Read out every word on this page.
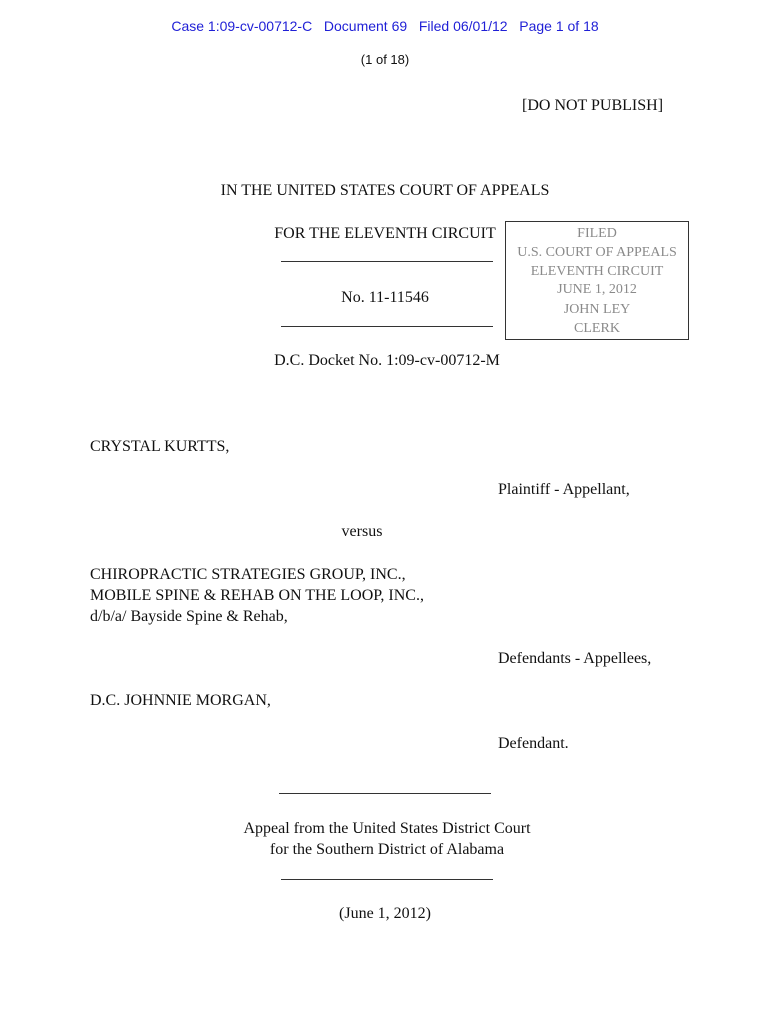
Case 1:09-cv-00712-C Document 69 Filed 06/01/12 Page 1 of 18
(1 of 18)
[DO NOT PUBLISH]
IN THE UNITED STATES COURT OF APPEALS
FOR THE ELEVENTH CIRCUIT
No. 11-11546
D.C. Docket No. 1:09-cv-00712-M
FILED
U.S. COURT OF APPEALS
ELEVENTH CIRCUIT
JUNE 1, 2012
JOHN LEY
CLERK
CRYSTAL KURTTS,
Plaintiff - Appellant,
versus
CHIROPRACTIC STRATEGIES GROUP, INC.,
MOBILE SPINE & REHAB ON THE LOOP, INC.,
d/b/a/ Bayside Spine & Rehab,
Defendants - Appellees,
D.C. JOHNNIE MORGAN,
Defendant.
Appeal from the United States District Court
for the Southern District of Alabama
(June 1, 2012)
